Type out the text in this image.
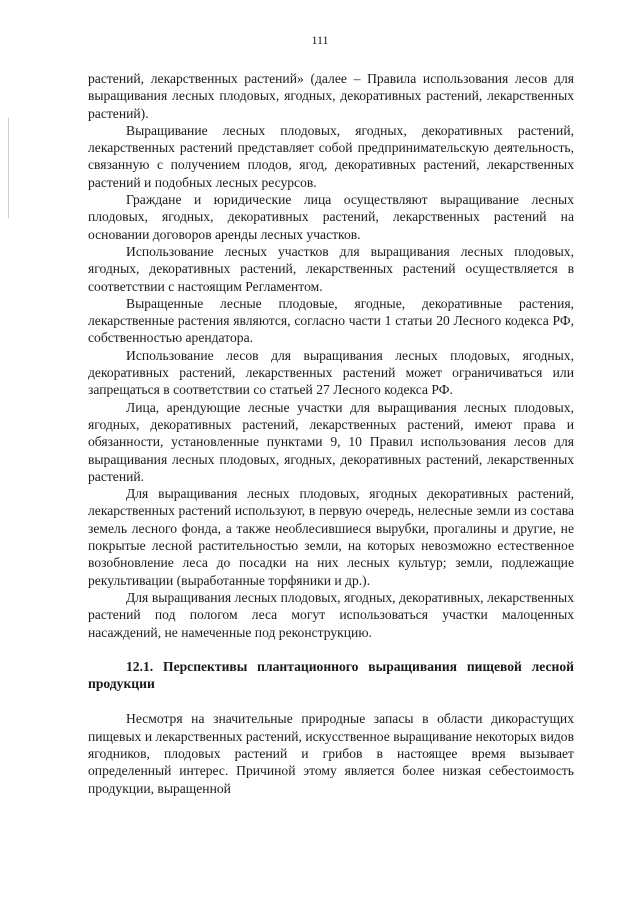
111

растений, лекарственных растений» (далее – Правила использования лесов для выращивания лесных плодовых, ягодных, декоративных растений, лекарственных растений).

Выращивание лесных плодовых, ягодных, декоративных растений, лекарственных растений представляет собой предпринимательскую деятельность, связанную с получением плодов, ягод, декоративных растений, лекарственных растений и подобных лесных ресурсов.

Граждане и юридические лица осуществляют выращивание лесных плодовых, ягодных, декоративных растений, лекарственных растений на основании договоров аренды лесных участков.

Использование лесных участков для выращивания лесных плодовых, ягодных, декоративных растений, лекарственных растений осуществляется в соответствии с настоящим Регламентом.

Выращенные лесные плодовые, ягодные, декоративные растения, лекарственные растения являются, согласно части 1 статьи 20 Лесного кодекса РФ, собственностью арендатора.

Использование лесов для выращивания лесных плодовых, ягодных, декоративных растений, лекарственных растений может ограничиваться или запрещаться в соответствии со статьей 27 Лесного кодекса РФ.

Лица, арендующие лесные участки для выращивания лесных плодовых, ягодных, декоративных растений, лекарственных растений, имеют права и обязанности, установленные пунктами 9, 10 Правил использования лесов для выращивания лесных плодовых, ягодных, декоративных растений, лекарственных растений.

Для выращивания лесных плодовых, ягодных декоративных растений, лекарственных растений используют, в первую очередь, нелесные земли из состава земель лесного фонда, а также необлесившиеся вырубки, прогалины и другие, не покрытые лесной растительностью земли, на которых невозможно естественное возобновление леса до посадки на них лесных культур; земли, подлежащие рекультивации (выработанные торфяники и др.).

Для выращивания лесных плодовых, ягодных, декоративных, лекарственных растений под пологом леса могут использоваться участки малоценных насаждений, не намеченные под реконструкцию.

12.1. Перспективы плантационного выращивания пищевой лесной продукции

Несмотря на значительные природные запасы в области дикорастущих пищевых и лекарственных растений, искусственное выращивание некоторых видов ягодников, плодовых растений и грибов в настоящее время вызывает определенный интерес. Причиной этому является более низкая себестоимость продукции, выращенной
